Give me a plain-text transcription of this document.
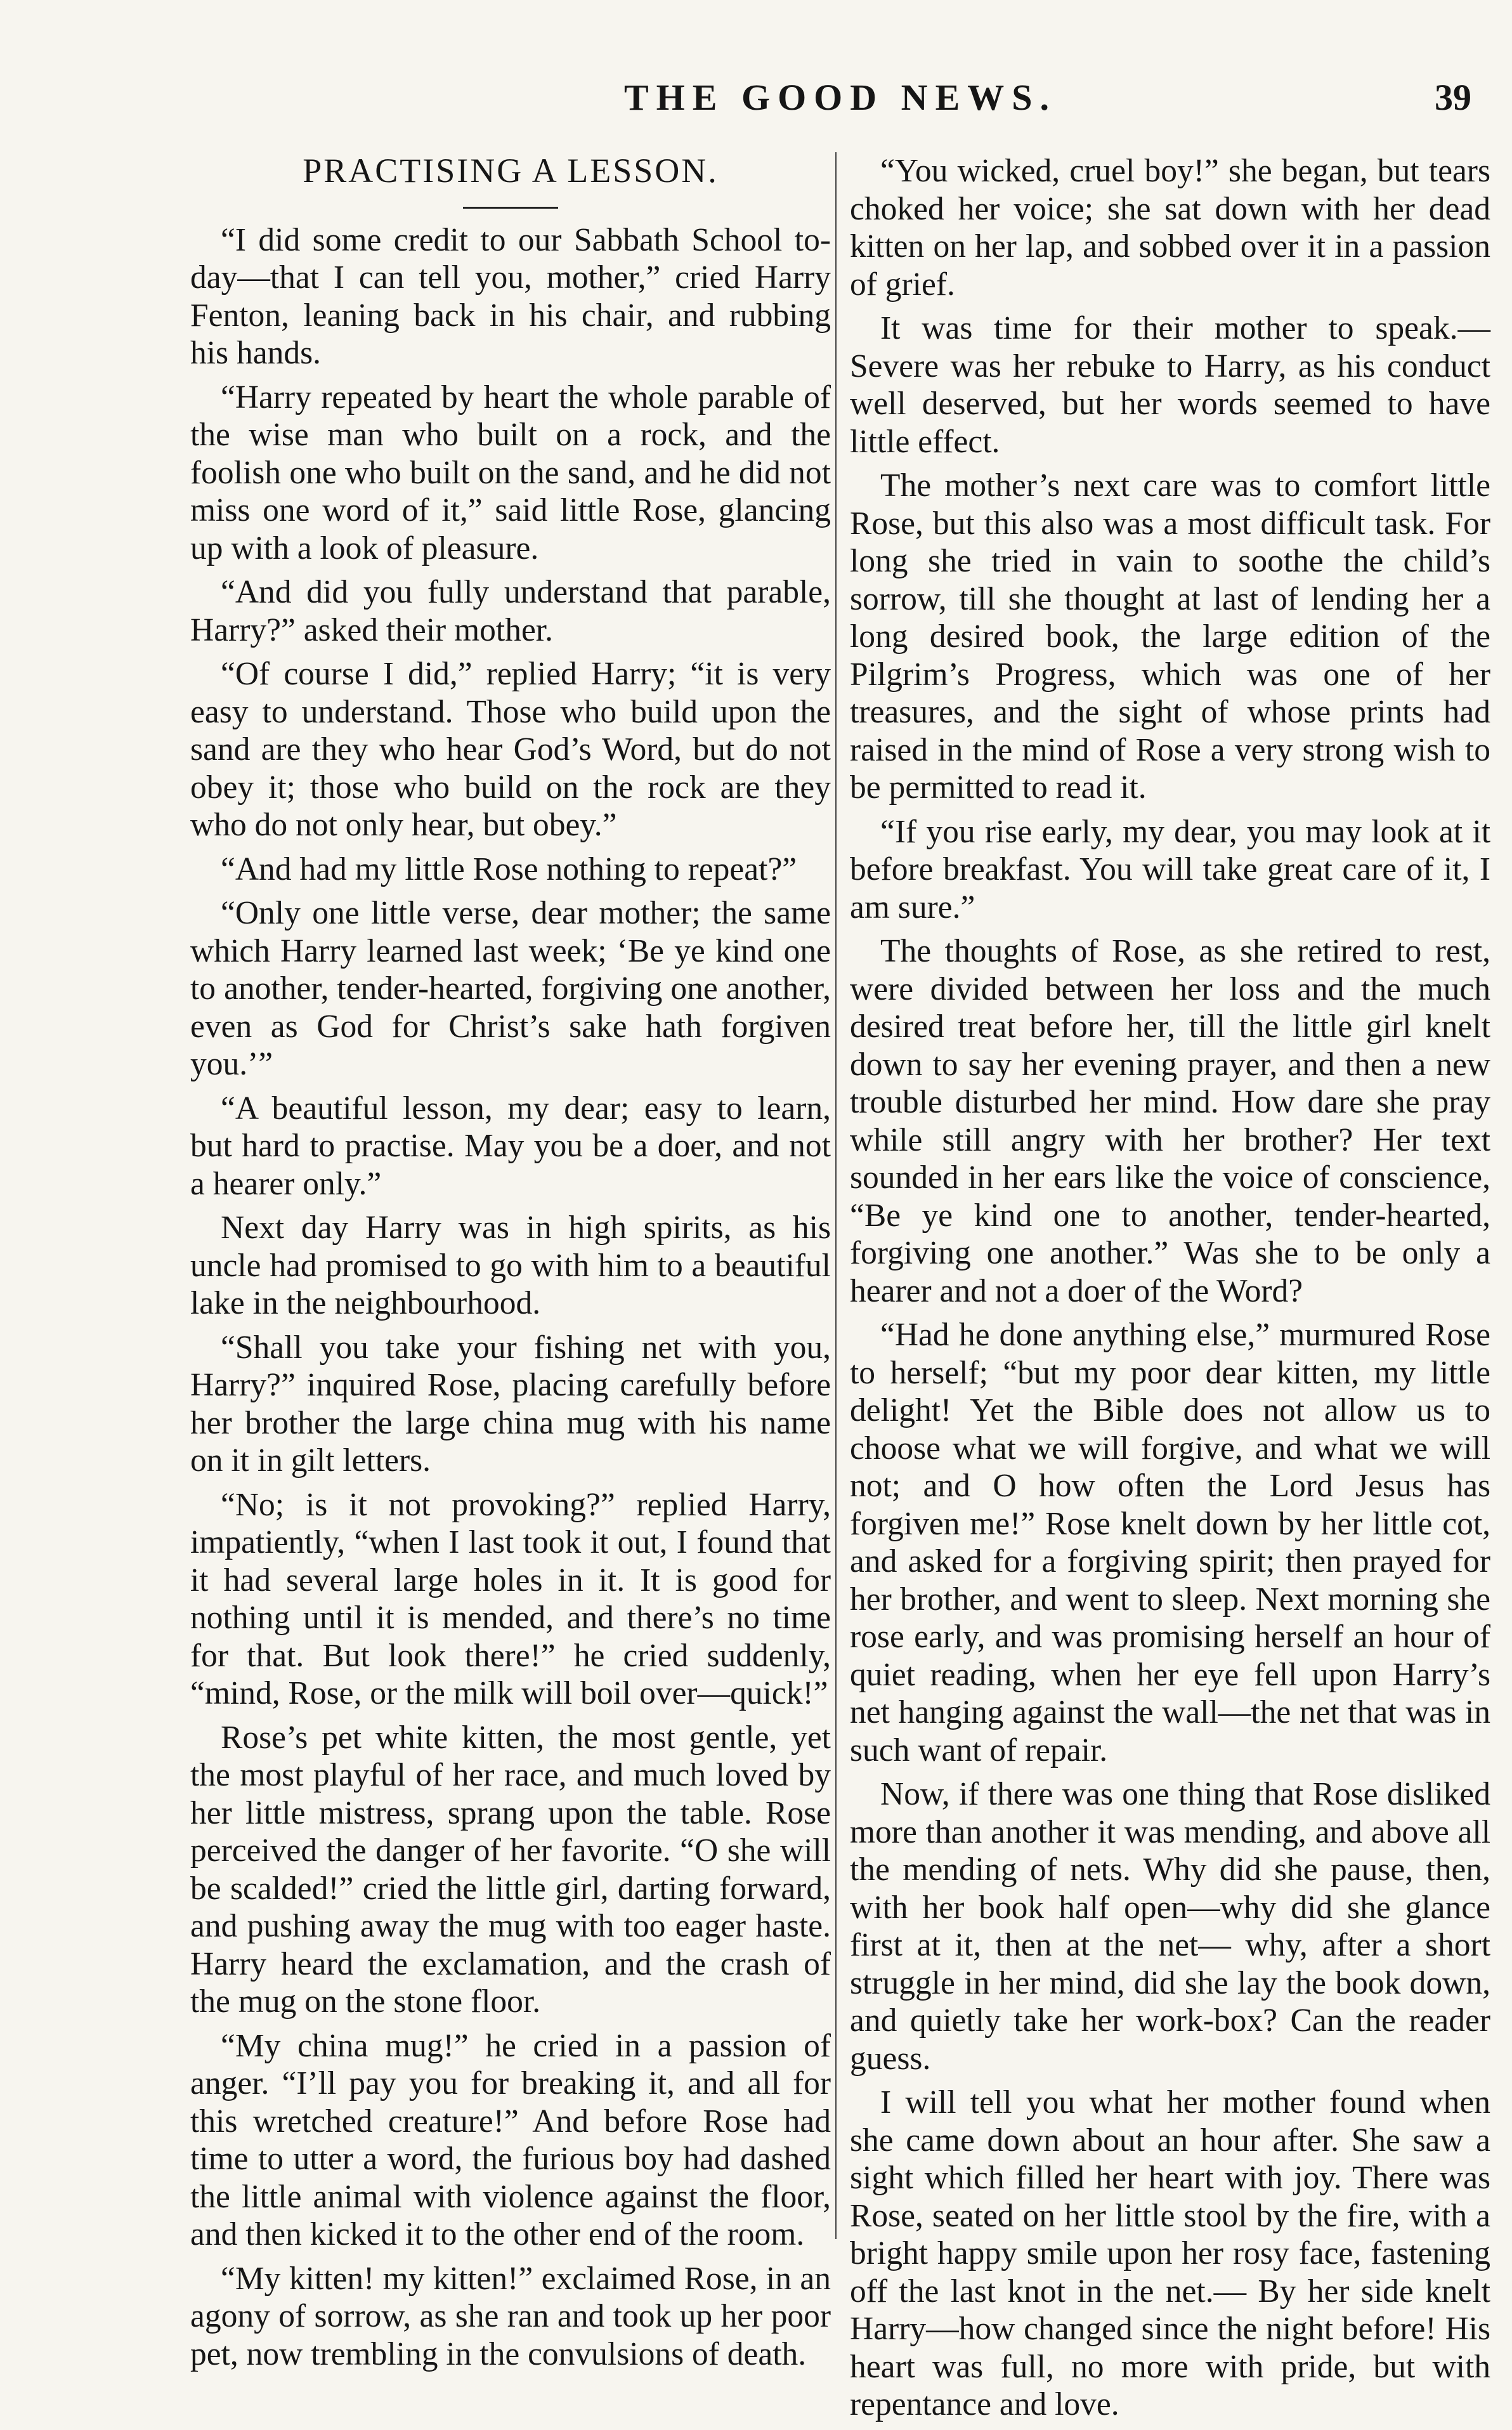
THE GOOD NEWS.	39
PRACTISING A LESSON.

“I did some credit to our Sabbath School to-day—that I can tell you, mother,” cried Harry Fenton, leaning back in his chair, and rubbing his hands.

“Harry repeated by heart the whole parable of the wise man who built on a rock, and the foolish one who built on the sand, and he did not miss one word of it,” said little Rose, glancing up with a look of pleasure.

“And did you fully understand that parable, Harry?” asked their mother.

“Of course I did,” replied Harry; “it is very easy to understand. Those who build upon the sand are they who hear God’s Word, but do not obey it; those who build on the rock are they who do not only hear, but obey.”

“And had my little Rose nothing to repeat?”

“Only one little verse, dear mother; the same which Harry learned last week; ‘Be ye kind one to another, tender-hearted, forgiving one another, even as God for Christ’s sake hath forgiven you.’”

“A beautiful lesson, my dear; easy to learn, but hard to practise. May you be a doer, and not a hearer only.”

Next day Harry was in high spirits, as his uncle had promised to go with him to a beautiful lake in the neighbourhood.

“Shall you take your fishing net with you, Harry?” inquired Rose, placing carefully before her brother the large china mug with his name on it in gilt letters.

“No; is it not provoking?” replied Harry, impatiently, “when I last took it out, I found that it had several large holes in it. It is good for nothing until it is mended, and there’s no time for that. But look there!” he cried suddenly, “mind, Rose, or the milk will boil over—quick!”

Rose’s pet white kitten, the most gentle, yet the most playful of her race, and much loved by her little mistress, sprang upon the table. Rose perceived the danger of her favorite. “O she will be scalded!” cried the little girl, darting forward, and pushing away the mug with too eager haste. Harry heard the exclamation, and the crash of the mug on the stone floor.

“My china mug!” he cried in a passion of anger. “I’ll pay you for breaking it, and all for this wretched creature!” And before Rose had time to utter a word, the furious boy had dashed the little animal with violence against the floor, and then kicked it to the other end of the room.

“My kitten! my kitten!” exclaimed Rose, in an agony of sorrow, as she ran and took up her poor pet, now trembling in the convulsions of death.

“You wicked, cruel boy!” she began, but tears choked her voice; she sat down with her dead kitten on her lap, and sobbed over it in a passion of grief.

It was time for their mother to speak.— Severe was her rebuke to Harry, as his conduct well deserved, but her words seemed to have little effect.

The mother’s next care was to comfort little Rose, but this also was a most difficult task. For long she tried in vain to soothe the child’s sorrow, till she thought at last of lending her a long desired book, the large edition of the Pilgrim’s Progress, which was one of her treasures, and the sight of whose prints had raised in the mind of Rose a very strong wish to be permitted to read it.

“If you rise early, my dear, you may look at it before breakfast. You will take great care of it, I am sure.”

The thoughts of Rose, as she retired to rest, were divided between her loss and the much desired treat before her, till the little girl knelt down to say her evening prayer, and then a new trouble disturbed her mind. How dare she pray while still angry with her brother? Her text sounded in her ears like the voice of conscience, “Be ye kind one to another, tender-hearted, forgiving one another.” Was she to be only a hearer and not a doer of the Word?

“Had he done anything else,” murmured Rose to herself; “but my poor dear kitten, my little delight! Yet the Bible does not allow us to choose what we will forgive, and what we will not; and O how often the Lord Jesus has forgiven me!” Rose knelt down by her little cot, and asked for a forgiving spirit; then prayed for her brother, and went to sleep. Next morning she rose early, and was promising herself an hour of quiet reading, when her eye fell upon Harry’s net hanging against the wall—the net that was in such want of repair.

Now, if there was one thing that Rose disliked more than another it was mending, and above all the mending of nets. Why did she pause, then, with her book half open—why did she glance first at it, then at the net— why, after a short struggle in her mind, did she lay the book down, and quietly take her work-box? Can the reader guess.

I will tell you what her mother found when she came down about an hour after. She saw a sight which filled her heart with joy. There was Rose, seated on her little stool by the fire, with a bright happy smile upon her rosy face, fastening off the last knot in the net.— By her side knelt Harry—how changed since the night before! His heart was full, no more with pride, but with repentance and love.
